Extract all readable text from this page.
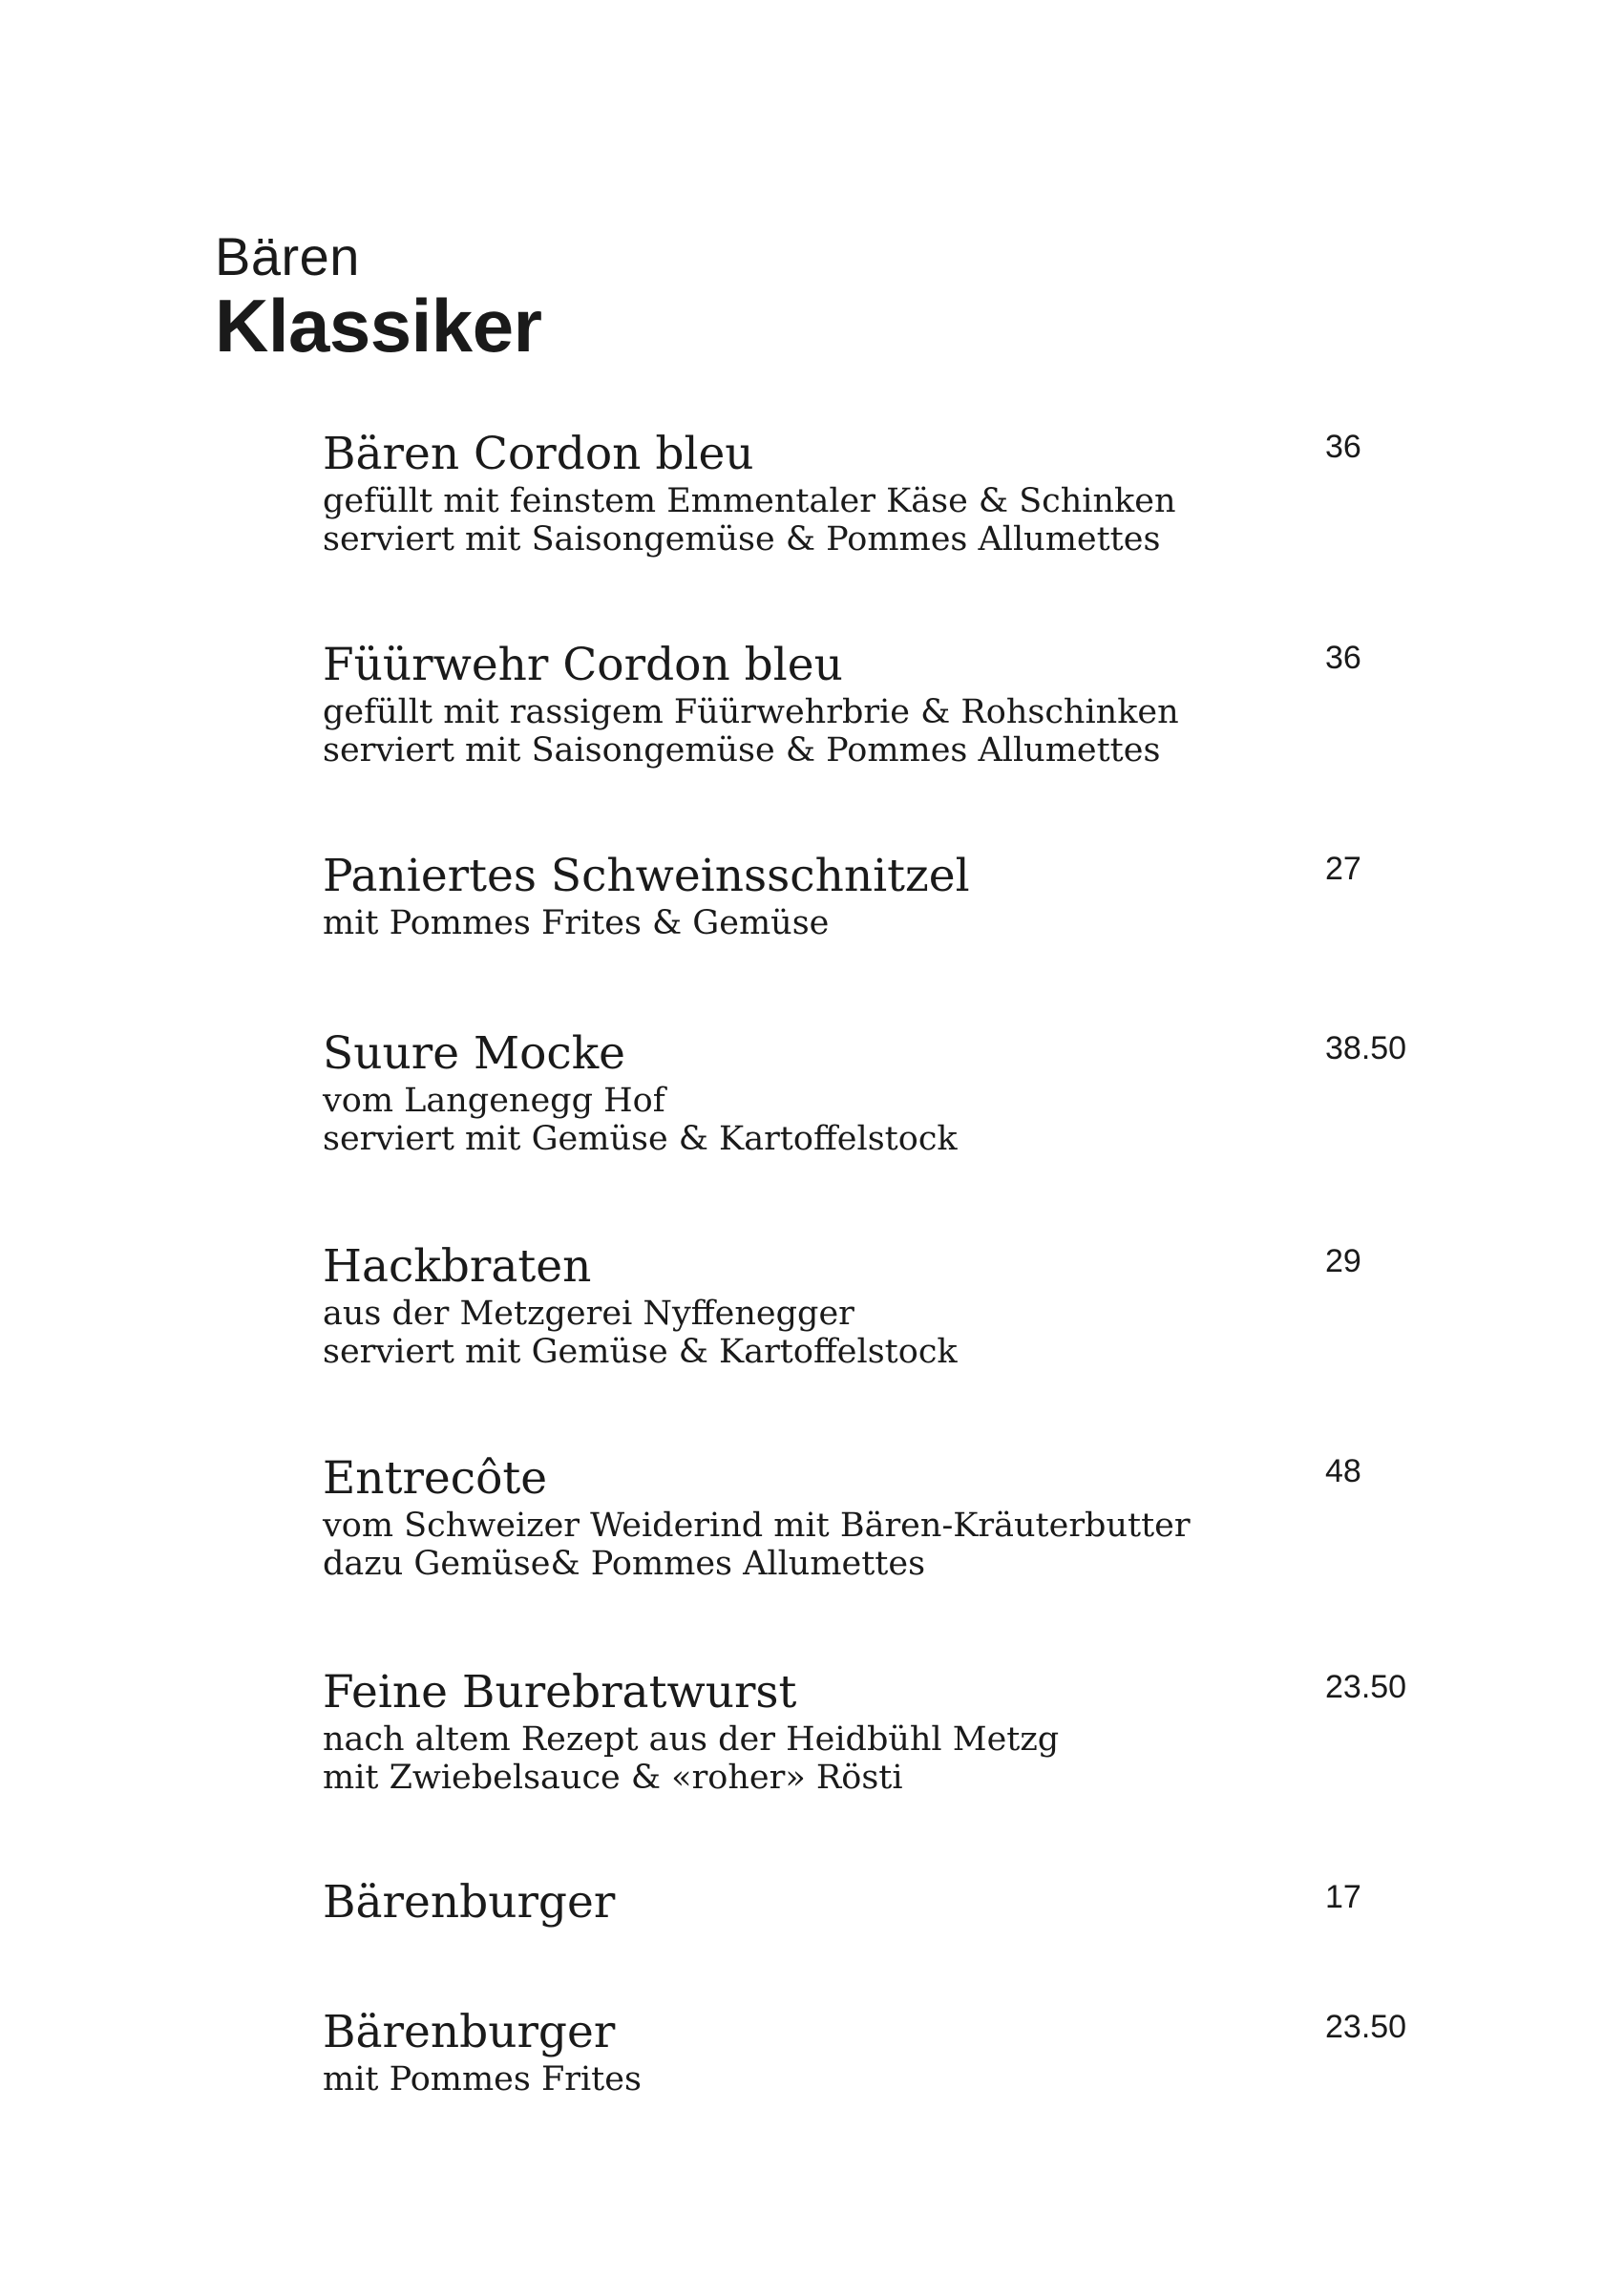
Bären
Klassiker
Bären Cordon bleu
gefüllt mit feinstem Emmentaler Käse & Schinken
serviert mit Saisongemüse & Pommes Allumettes
36
Füürwehr Cordon bleu
gefüllt mit rassigem Füürwehrbrie & Rohschinken
serviert mit Saisongemüse & Pommes Allumettes
36
Paniertes Schweinsschnitzel
mit Pommes Frites & Gemüse
27
Suure Mocke
vom Langenegg Hof
serviert mit Gemüse & Kartoffelstock
38.50
Hackbraten
aus der Metzgerei Nyffenegger
serviert mit Gemüse & Kartoffelstock
29
Entrecôte
vom Schweizer Weiderind mit Bären-Kräuterbutter
dazu Gemüse& Pommes Allumettes
48
Feine Burebratwurst
nach altem Rezept aus der Heidbühl Metzg
mit Zwiebelsauce & «roher» Rösti
23.50
Bärenburger	17
Bärenburger
mit Pommes Frites
23.50
